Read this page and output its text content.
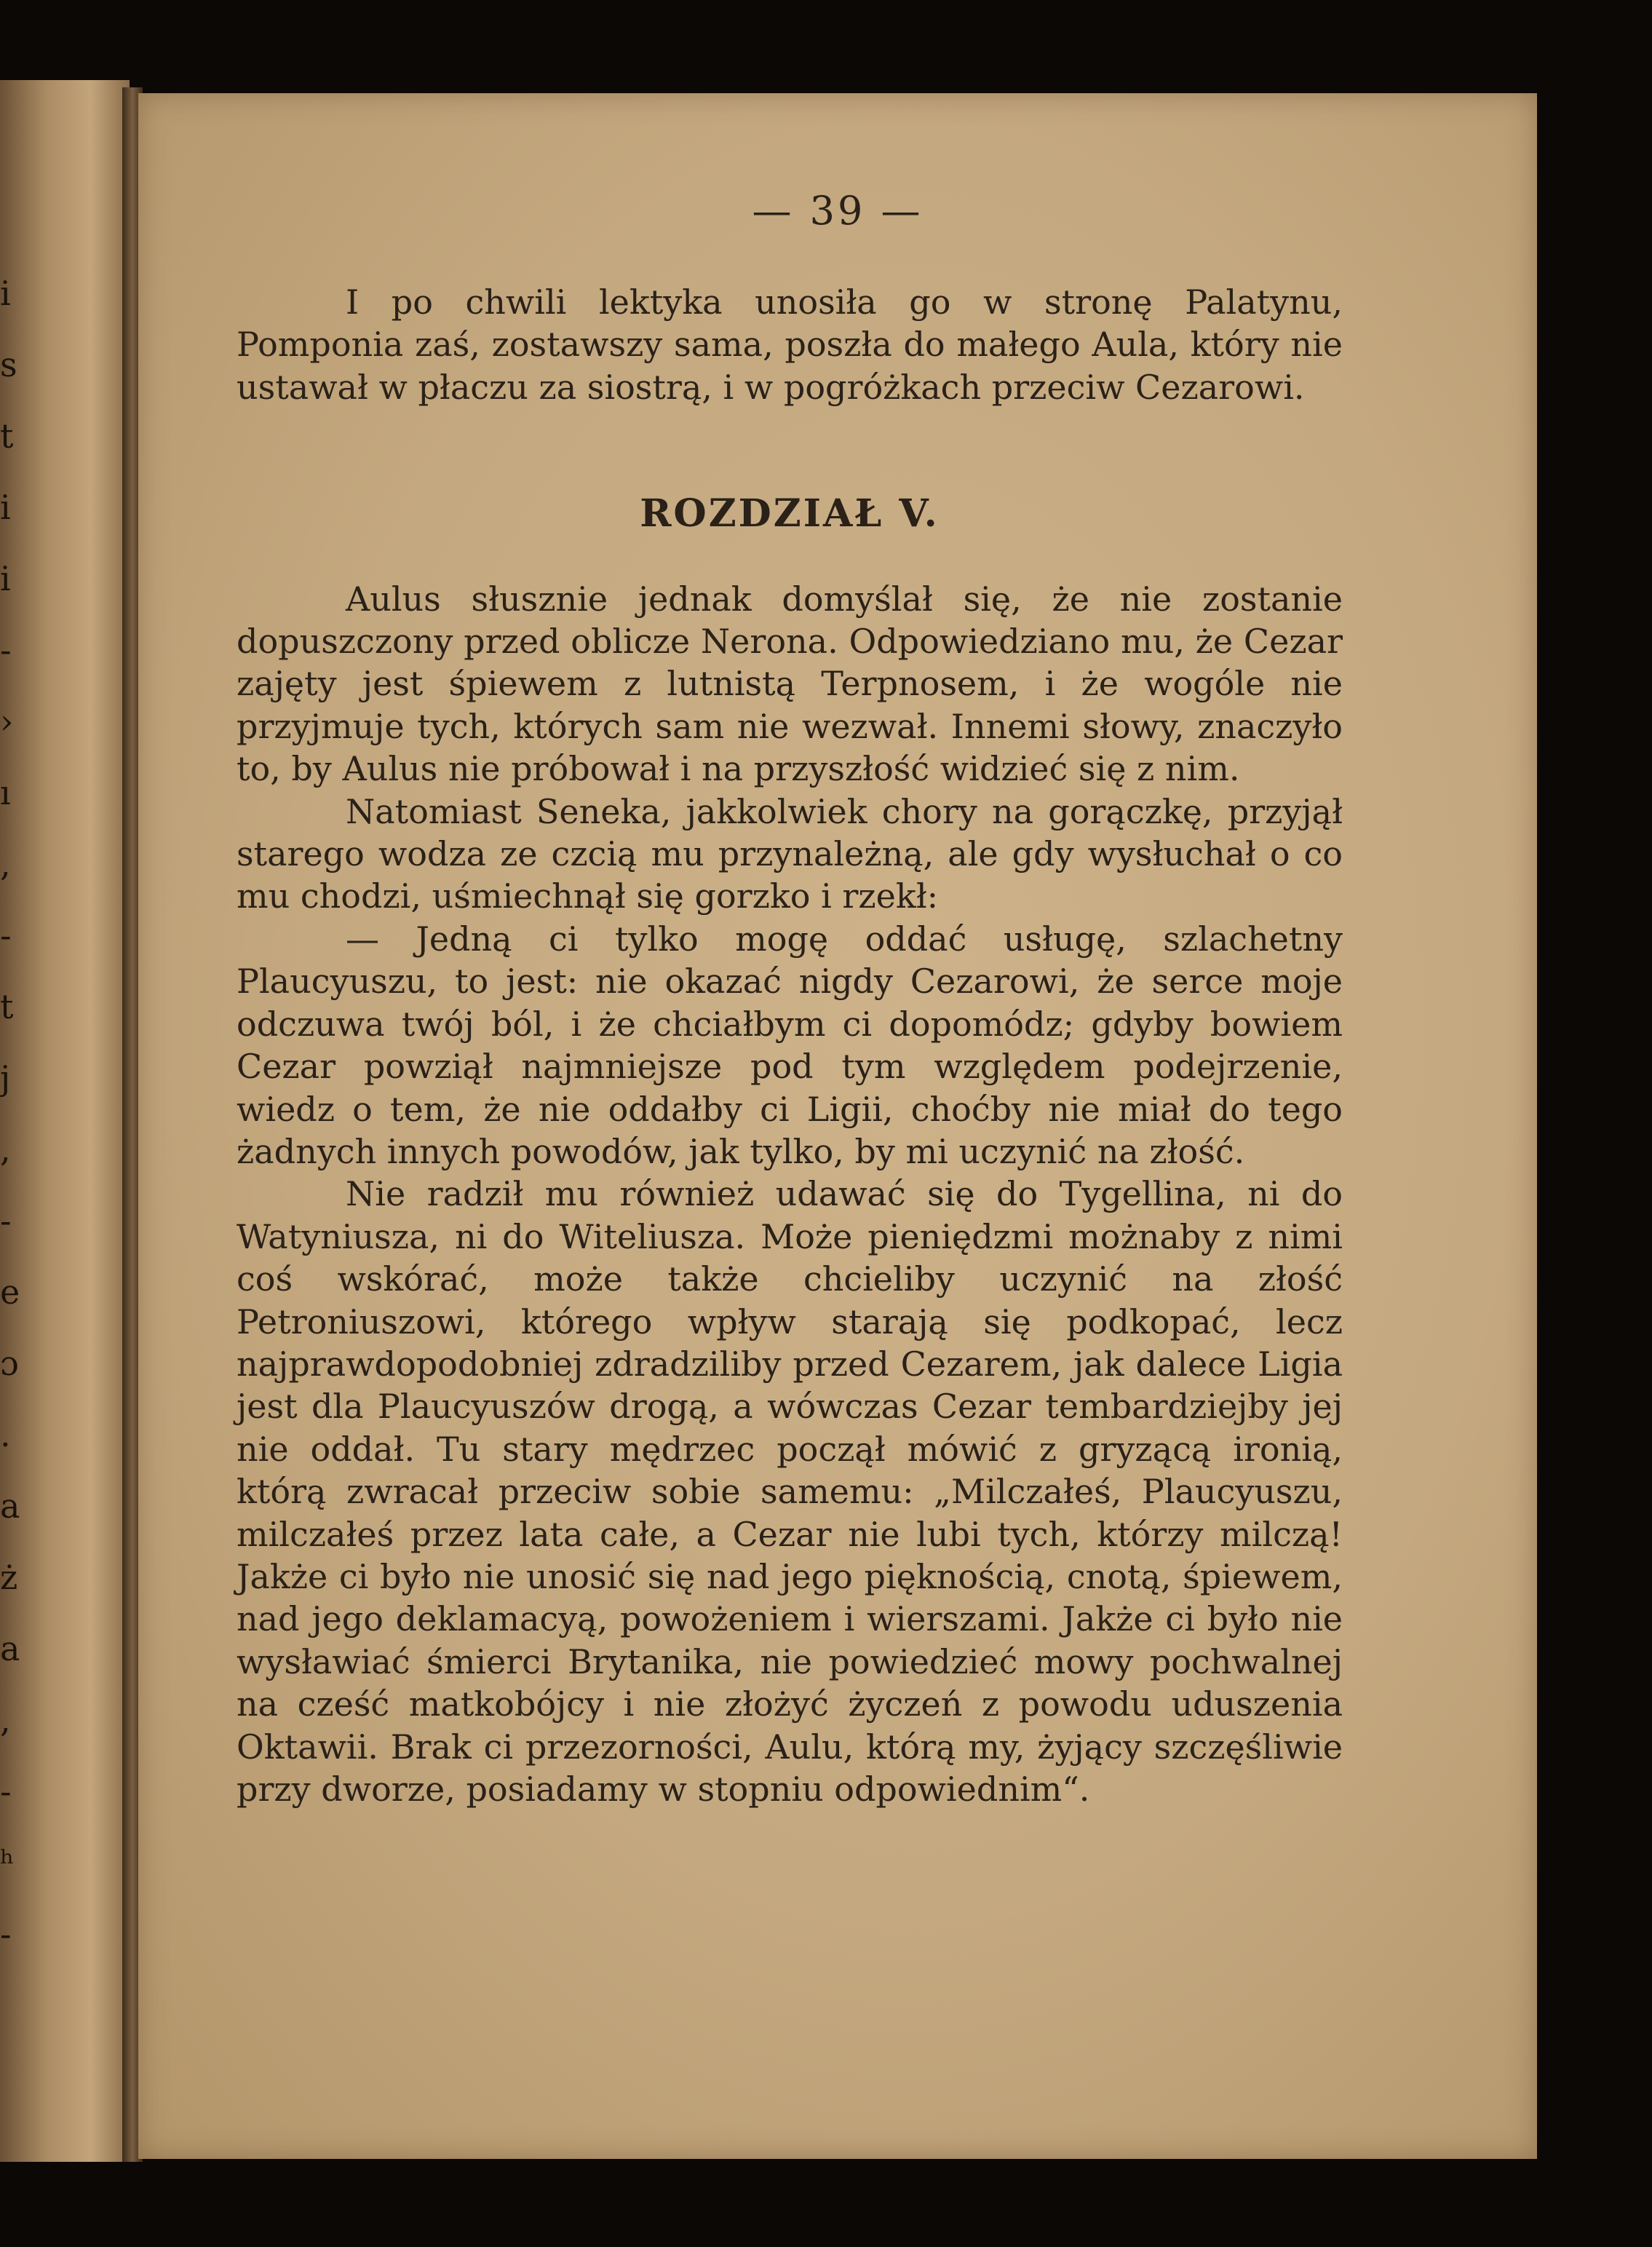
i
s
t
i
i
-
›
ı
,
-
t
j
,
-
e
ɔ
.
a
ż
a
,
-
ʰ
-
— 39 —

I po chwili lektyka unosiła go w stronę Palatynu, Pomponia zaś, zostawszy sama, poszła do małego Aula, który nie ustawał w płaczu za siostrą, i w pogróżkach przeciw Cezarowi.

ROZDZIAŁ V.

Aulus słusznie jednak domyślał się, że nie zostanie dopuszczony przed oblicze Nerona. Odpowiedziano mu, że Cezar zajęty jest śpiewem z lutnistą Terpnosem, i że wogóle nie przyjmuje tych, których sam nie wezwał. Innemi słowy, znaczyło to, by Aulus nie próbował i na przyszłość widzieć się z nim.

Natomiast Seneka, jakkolwiek chory na gorączkę, przyjął starego wodza ze czcią mu przynależną, ale gdy wysłuchał o co mu chodzi, uśmiechnął się gorzko i rzekł:

— Jedną ci tylko mogę oddać usługę, szlachetny Plaucyuszu, to jest: nie okazać nigdy Cezarowi, że serce moje odczuwa twój ból, i że chciałbym ci dopomódz; gdyby bowiem Cezar powziął najmniejsze pod tym względem podejrzenie, wiedz o tem, że nie oddałby ci Ligii, choćby nie miał do tego żadnych innych powodów, jak tylko, by mi uczynić na złość.

Nie radził mu również udawać się do Tygellina, ni do Watyniusza, ni do Witeliusza. Może pieniędzmi możnaby z nimi coś wskórać, może także chcieliby uczynić na złość Petroniuszowi, którego wpływ starają się podkopać, lecz najprawdopodobniej zdradziliby przed Cezarem, jak dalece Ligia jest dla Plaucyuszów drogą, a wówczas Cezar tembardziejby jej nie oddał. Tu stary mędrzec począł mówić z gryzącą ironią, którą zwracał przeciw sobie samemu: „Milczałeś, Plaucyuszu, milczałeś przez lata całe, a Cezar nie lubi tych, którzy milczą! Jakże ci było nie unosić się nad jego pięknością, cnotą, śpiewem, nad jego deklamacyą, powożeniem i wierszami. Jakże ci było nie wysławiać śmierci Brytanika, nie powiedzieć mowy pochwalnej na cześć matkobójcy i nie złożyć życzeń z powodu uduszenia Oktawii. Brak ci przezorności, Aulu, którą my, żyjący szczęśliwie przy dworze, posiadamy w stopniu odpowiednim“.
